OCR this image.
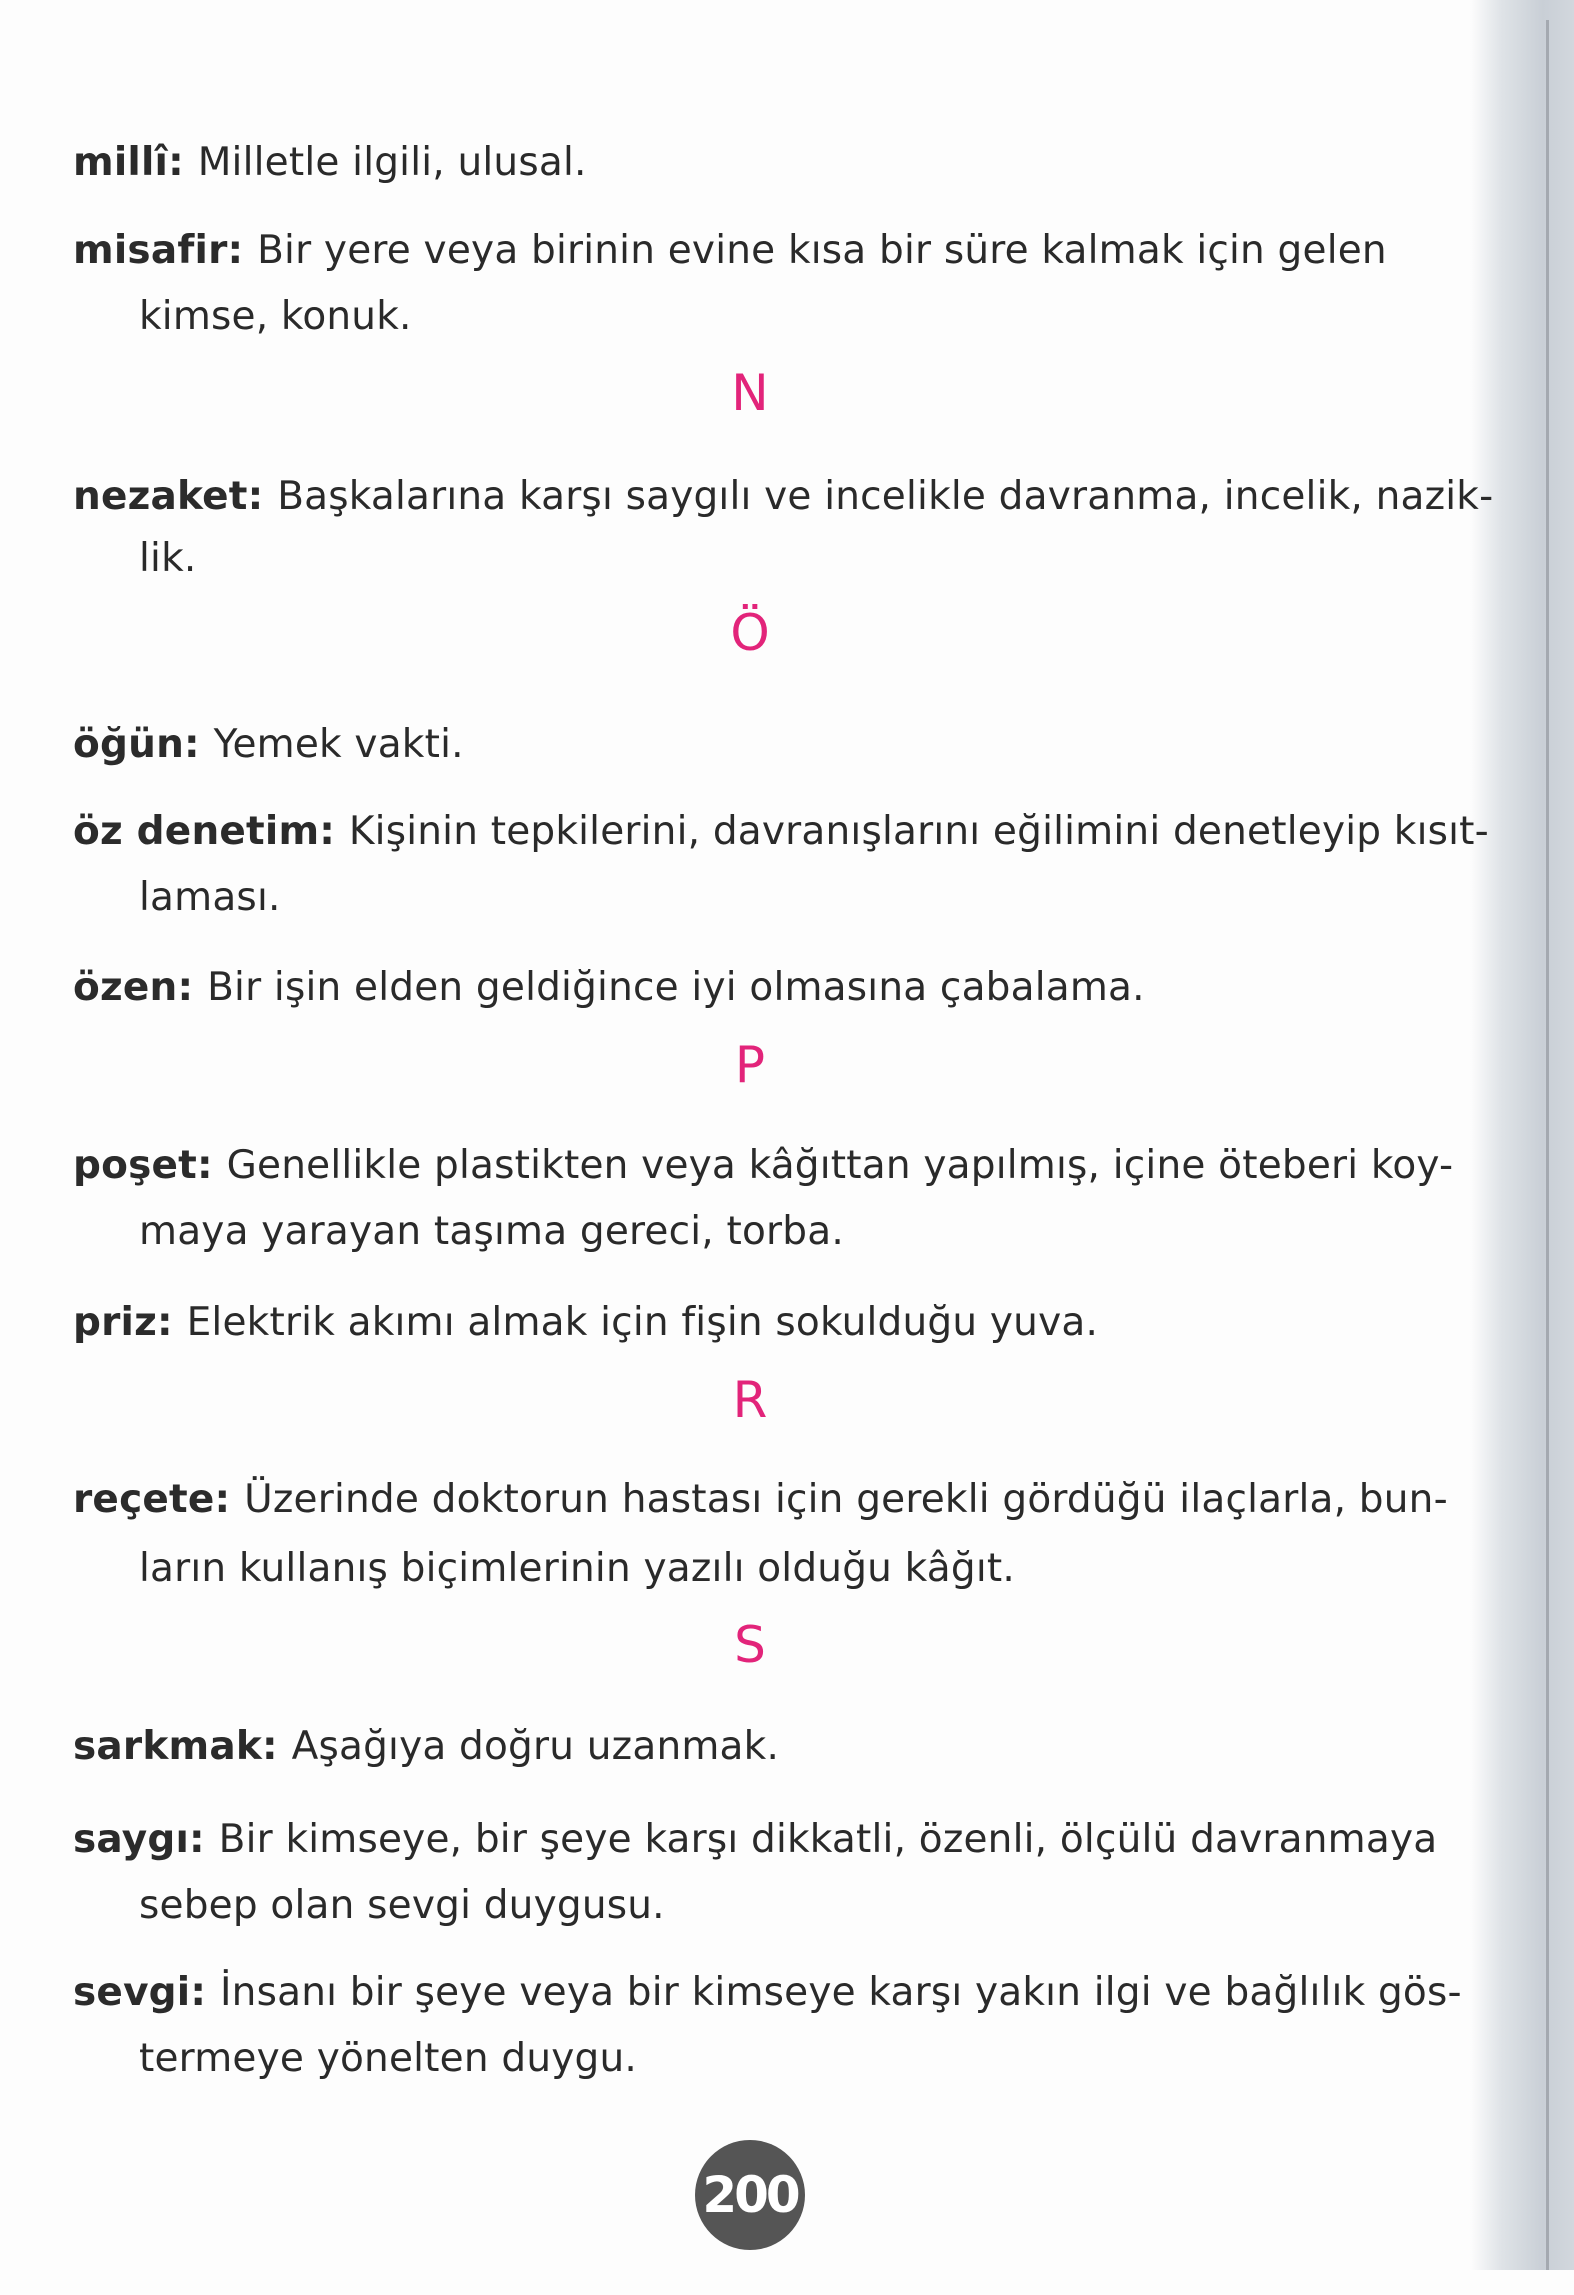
millî: Milletle ilgili, ulusal.
misafir: Bir yere veya birinin evine kısa bir süre kalmak için gelen
kimse, konuk.
N
nezaket: Başkalarına karşı saygılı ve incelikle davranma, incelik, nazik-
lik.
Ö
öğün: Yemek vakti.
öz denetim: Kişinin tepkilerini, davranışlarını eğilimini denetleyip kısıt-
laması.
özen: Bir işin elden geldiğince iyi olmasına çabalama.
P
poşet: Genellikle plastikten veya kâğıttan yapılmış, içine öteberi koy-
maya yarayan taşıma gereci, torba.
priz: Elektrik akımı almak için fişin sokulduğu yuva.
R
reçete: Üzerinde doktorun hastası için gerekli gördüğü ilaçlarla, bun-
ların kullanış biçimlerinin yazılı olduğu kâğıt.
S
sarkmak: Aşağıya doğru uzanmak.
saygı: Bir kimseye, bir şeye karşı dikkatli, özenli, ölçülü davranmaya
sebep olan sevgi duygusu.
sevgi: İnsanı bir şeye veya bir kimseye karşı yakın ilgi ve bağlılık gös-
termeye yönelten duygu.
200
